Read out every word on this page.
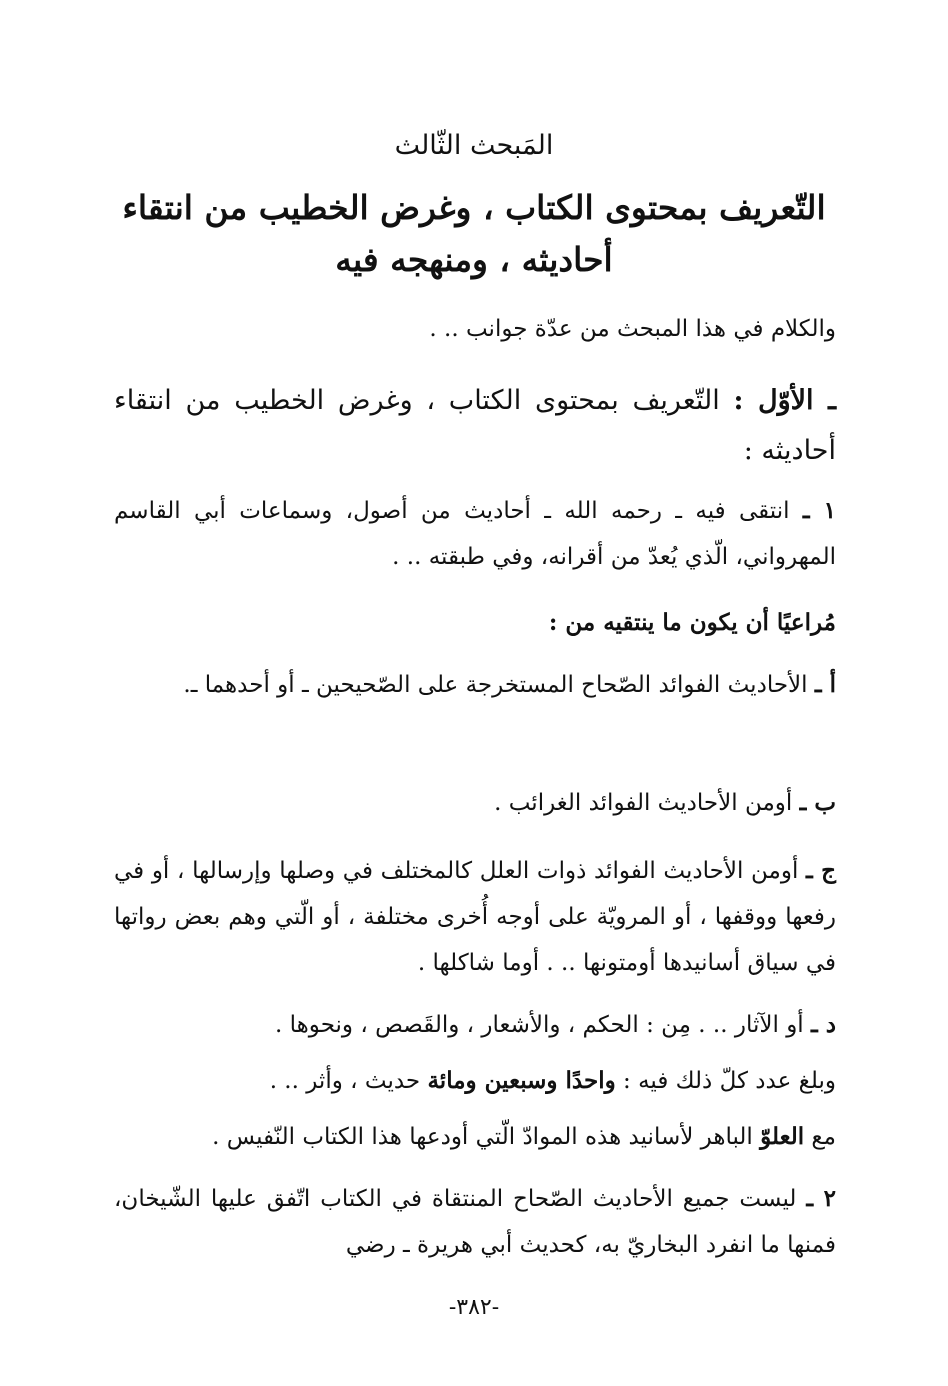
المَبحث الثّالث
التّعريف بمحتوى الكتاب ، وغرض الخطيب من انتقاء
أحاديثه ، ومنهجه فيه

والكلام في هذا المبحث من عدّة جوانب .. .

ـ الأوّل : التّعريف بمحتوى الكتاب ، وغرض الخطيب من انتقاء أحاديثه :

١ ـ انتقى فيه ـ رحمه الله ـ أحاديث من أصول، وسماعات أبي القاسم المهرواني، الّذي يُعدّ من أقرانه، وفي طبقته .. .

مُراعيًا أن يكون ما ينتقيه من :

أ ـ الأحاديث الفوائد الصّحاح المستخرجة على الصّحيحين ـ أو أحدهما ـ.

ب ـ أومن الأحاديث الفوائد الغرائب .

ج ـ أومن الأحاديث الفوائد ذوات العلل كالمختلف في وصلها وإرسالها ، أو في رفعها ووقفها ، أو المرويّة على أوجه أُخرى مختلفة ، أو الّتي وهم بعض رواتها في سياق أسانيدها أومتونها .. . أوما شاكلها .

د ـ أو الآثار .. . مِن : الحكم ، والأشعار ، والقَصص ، ونحوها .

وبلغ عدد كلّ ذلك فيه : واحدًا وسبعين ومائة حديث ، وأثر .. .

مع العلوّ الباهر لأسانيد هذه الموادّ الّتي أودعها هذا الكتاب النّفيس .

٢ ـ ليست جميع الأحاديث الصّحاح المنتقاة في الكتاب اتّفق عليها الشّيخان، فمنها ما انفرد البخاريّ به، كحديث أبي هريرة ـ رضي

-٣٨٢-
